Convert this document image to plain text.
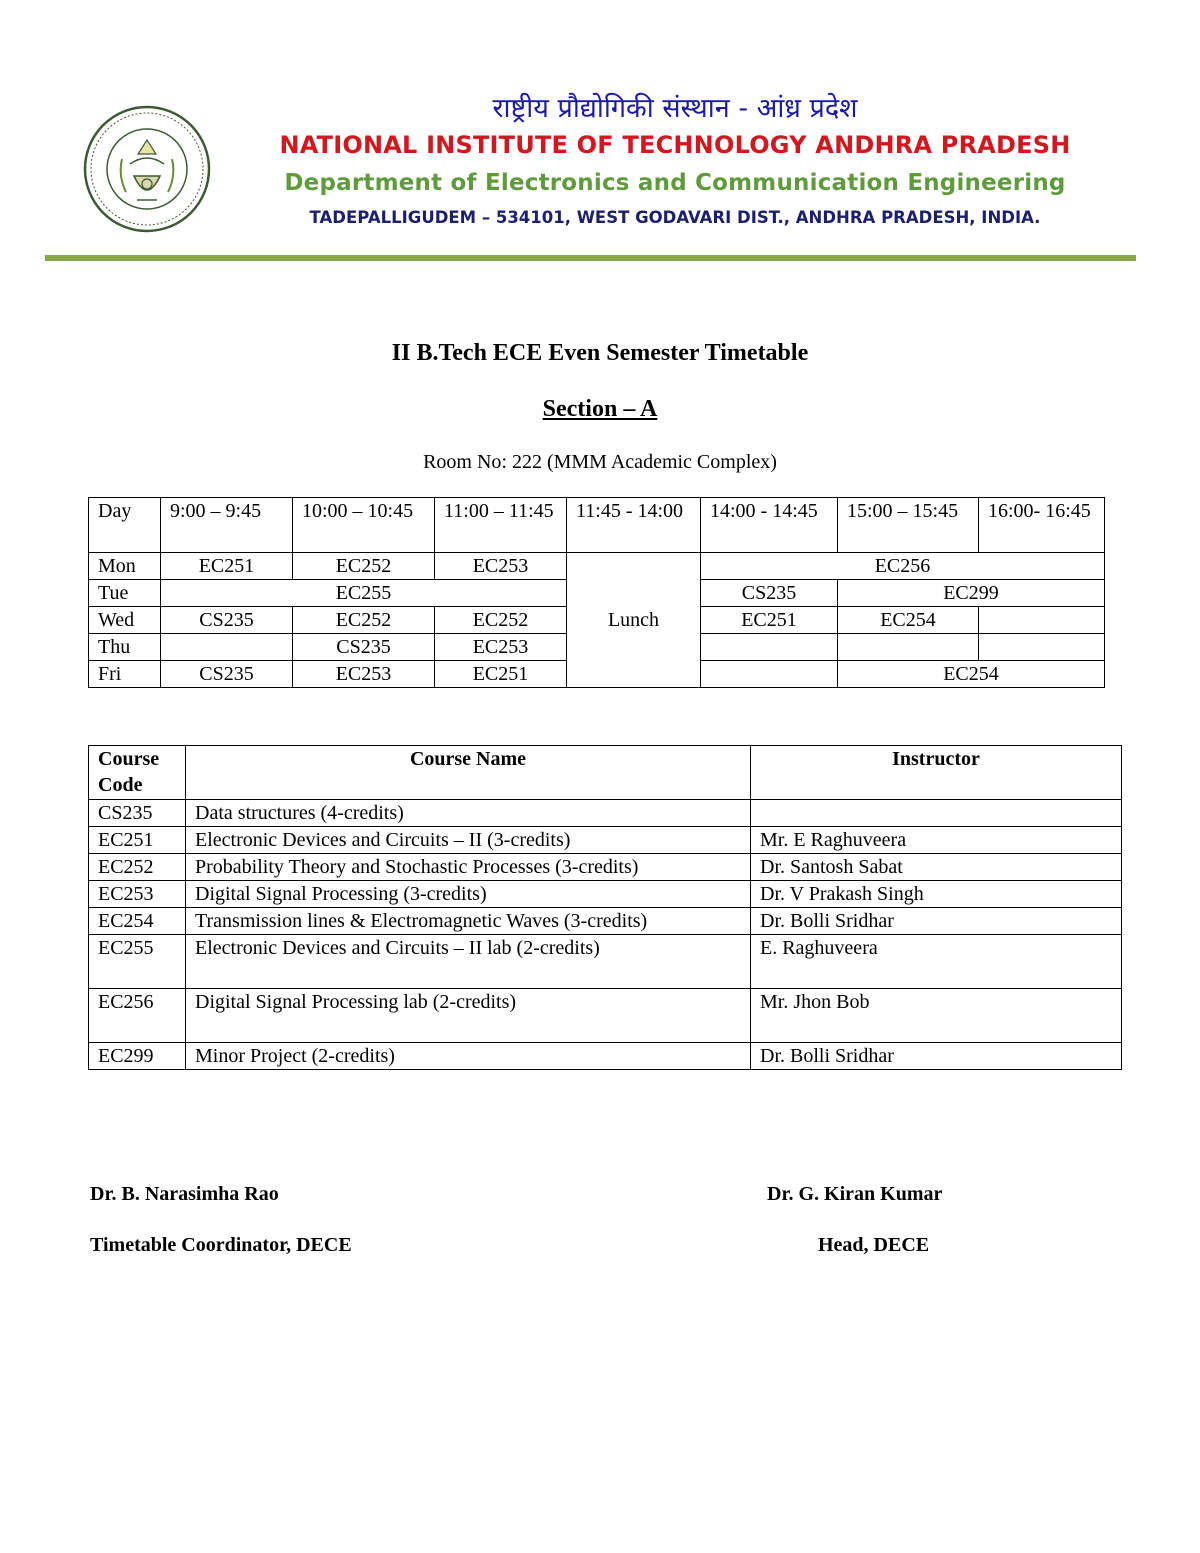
राष्ट्रीय प्रौद्योगिकी संस्थान - आंध्र प्रदेश
NATIONAL INSTITUTE OF TECHNOLOGY ANDHRA PRADESH
Department of Electronics and Communication Engineering
TADEPALLIGUDEM – 534101, WEST GODAVARI DIST., ANDHRA PRADESH, INDIA.
II B.Tech ECE Even Semester Timetable
Section – A
Room No: 222 (MMM Academic Complex)
Day	9:00 – 9:45	10:00 – 10:45	11:00 – 11:45	11:45 - 14:00	14:00 - 14:45	15:00 – 15:45	16:00- 16:45
Mon	EC251	EC252	EC253	Lunch	EC256		
Tue	EC255				CS235	EC299	
Wed	CS235	EC252	EC252		EC251	EC254	
Thu		CS235	EC253				
Fri	CS235	EC253	EC251			EC254	
Course Code	Course Name	Instructor
CS235	Data structures (4-credits)	
EC251	Electronic Devices and Circuits – II (3-credits)	Mr. E Raghuveera
EC252	Probability Theory and Stochastic Processes (3-credits)	Dr. Santosh Sabat
EC253	Digital Signal Processing (3-credits)	Dr. V Prakash Singh
EC254	Transmission lines & Electromagnetic Waves (3-credits)	Dr. Bolli Sridhar
EC255	Electronic Devices and Circuits – II lab (2-credits)	E. Raghuveera
EC256	Digital Signal Processing lab (2-credits)	Mr. Jhon Bob
EC299	Minor Project (2-credits)	Dr. Bolli Sridhar
Dr. B. Narasimha Rao
Timetable Coordinator, DECE
Dr. G. Kiran Kumar
Head, DECE
